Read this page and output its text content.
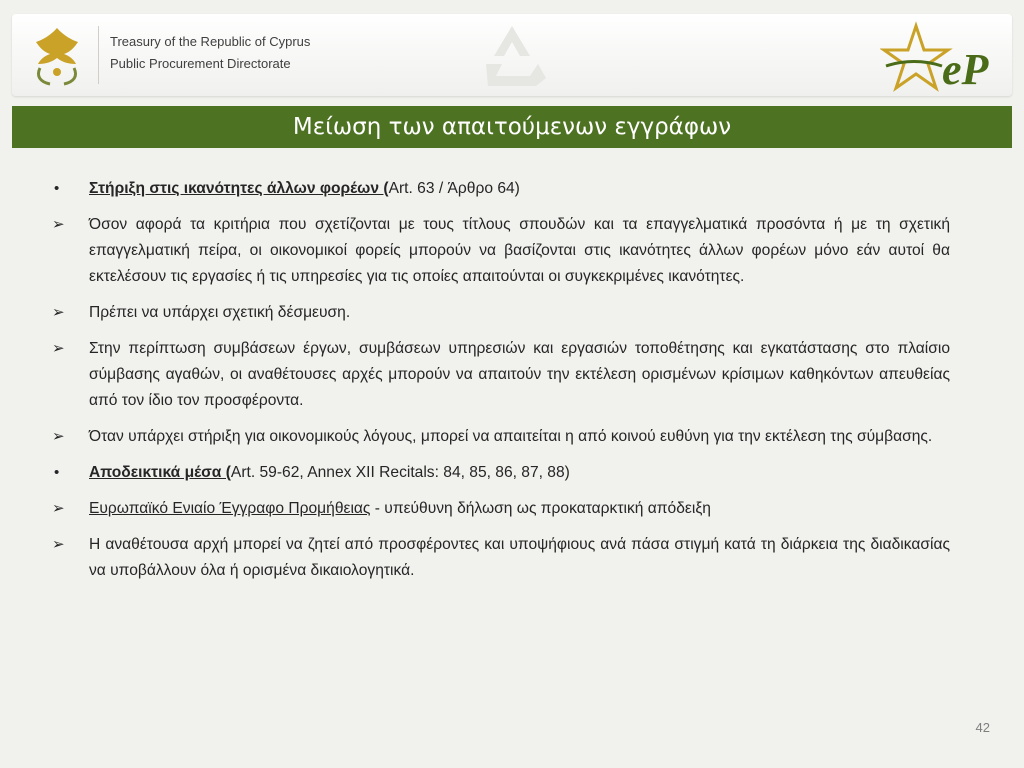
Treasury of the Republic of Cyprus
Public Procurement Directorate	eP
Μείωση των απαιτούμενων εγγράφων
•	Στήριξη στις ικανότητες άλλων φορέων (Art. 63 / Άρθρο 64)
➢	Όσον αφορά τα κριτήρια που σχετίζονται με τους τίτλους σπουδών και τα επαγγελματικά προσόντα ή με τη σχετική επαγγελματική πείρα, οι οικονομικοί φορείς μπορούν να βασίζονται στις ικανότητες άλλων φορέων μόνο εάν αυτοί θα εκτελέσουν τις εργασίες ή τις υπηρεσίες για τις οποίες απαιτούνται οι συγκεκριμένες ικανότητες.
➢	Πρέπει να υπάρχει σχετική δέσμευση.
➢	Στην περίπτωση συμβάσεων έργων, συμβάσεων υπηρεσιών και εργασιών τοποθέτησης και εγκατάστασης στο πλαίσιο σύμβασης αγαθών, οι αναθέτουσες αρχές μπορούν να απαιτούν την εκτέλεση ορισμένων κρίσιμων καθηκόντων απευθείας από τον ίδιο τον προσφέροντα.
➢	Όταν υπάρχει στήριξη για οικονομικούς λόγους, μπορεί να απαιτείται η από κοινού ευθύνη για την εκτέλεση της σύμβασης.
•	Αποδεικτικά μέσα (Art. 59-62, Annex XII Recitals: 84, 85, 86, 87, 88)
➢	Ευρωπαϊκό Ενιαίο Έγγραφο Προμήθειας - υπεύθυνη δήλωση ως προκαταρκτική απόδειξη
➢	Η αναθέτουσα αρχή μπορεί να ζητεί από προσφέροντες και υποψήφιους ανά πάσα στιγμή κατά τη διάρκεια της διαδικασίας να υποβάλλουν όλα ή ορισμένα δικαιολογητικά.
42
